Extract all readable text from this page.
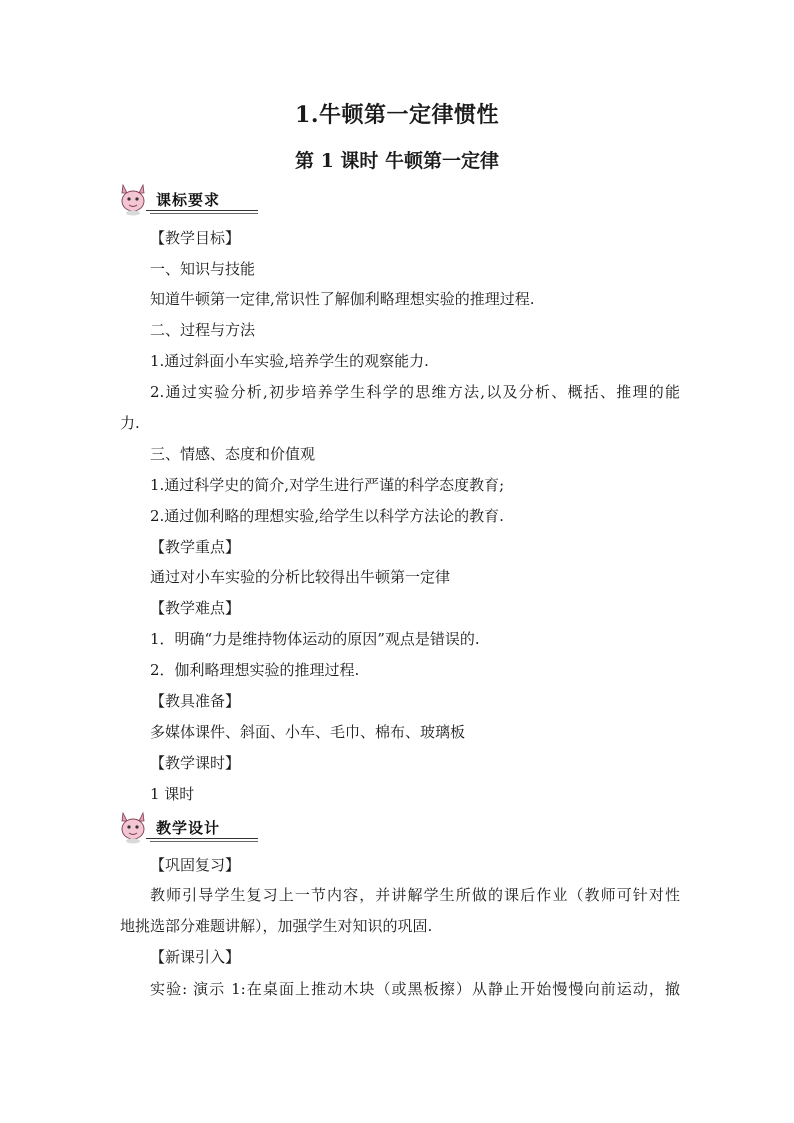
1.牛顿第一定律惯性
第 1 课时 牛顿第一定律
课标要求
【教学目标】
一、知识与技能
知道牛顿第一定律,常识性了解伽利略理想实验的推理过程.
二、过程与方法
1.通过斜面小车实验,培养学生的观察能力.
2.通过实验分析,初步培养学生科学的思维方法,以及分析、概括、推理的能
力.
三、情感、态度和价值观
1.通过科学史的简介,对学生进行严谨的科学态度教育;
2.通过伽利略的理想实验,给学生以科学方法论的教育.
【教学重点】
通过对小车实验的分析比较得出牛顿第一定律
【教学难点】
1．明确“力是维持物体运动的原因”观点是错误的.
2．伽利略理想实验的推理过程.
【教具准备】
多媒体课件、斜面、小车、毛巾、棉布、玻璃板
【教学课时】
1 课时
教学设计
【巩固复习】
教师引导学生复习上一节内容，并讲解学生所做的课后作业（教师可针对性
地挑选部分难题讲解），加强学生对知识的巩固.
【新课引入】
实验: 演示 1:在桌面上推动木块（或黑板擦）从静止开始慢慢向前运动，撤
